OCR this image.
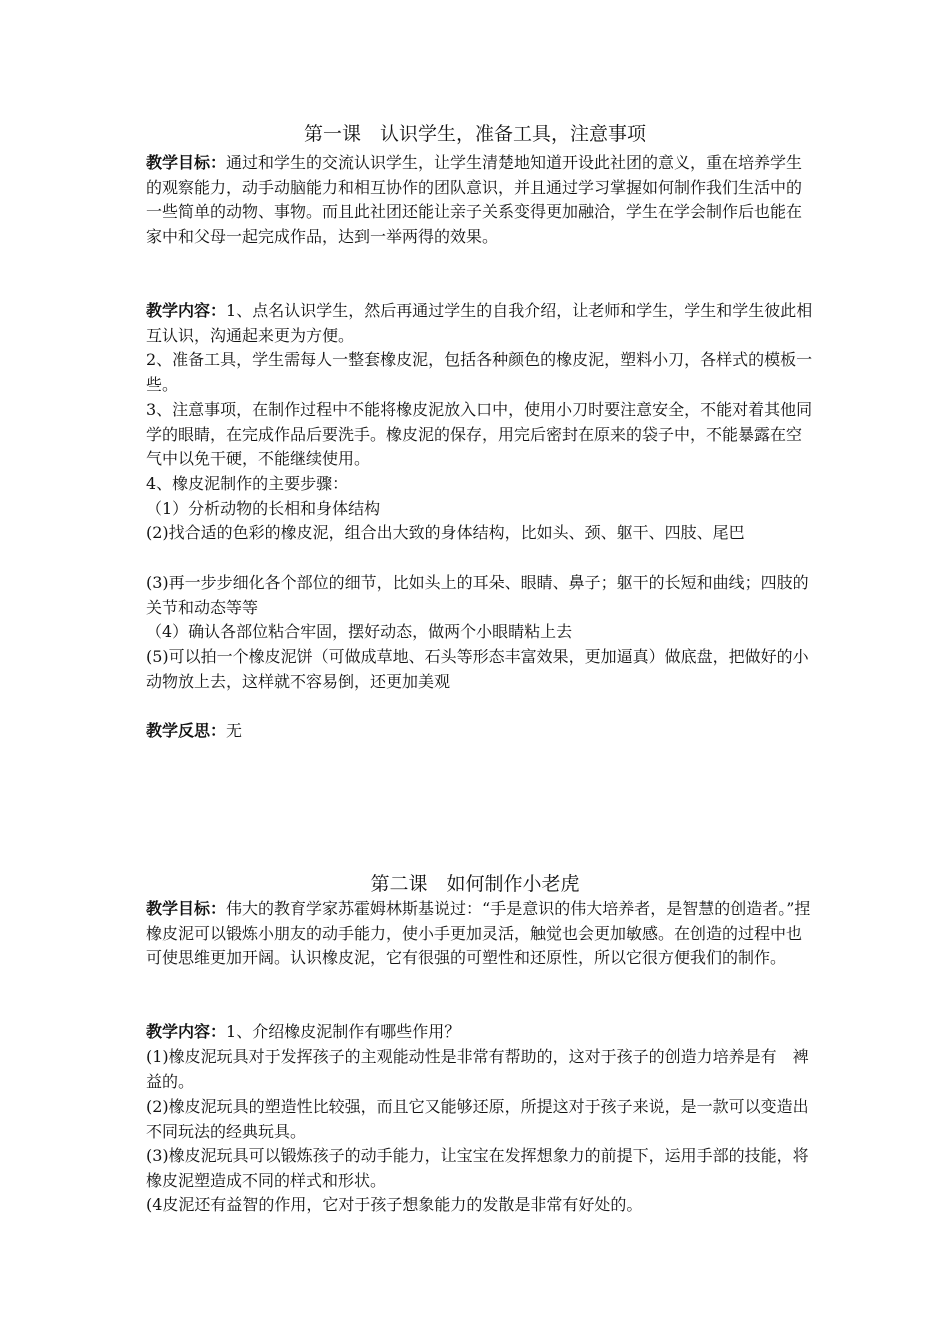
第一课　认识学生，准备工具，注意事项

教学目标：通过和学生的交流认识学生，让学生清楚地知道开设此社团的意义，重在培养学生的观察能力，动手动脑能力和相互协作的团队意识，并且通过学习掌握如何制作我们生活中的一些简单的动物、事物。而且此社团还能让亲子关系变得更加融洽，学生在学会制作后也能在家中和父母一起完成作品，达到一举两得的效果。

教学内容：1、点名认识学生，然后再通过学生的自我介绍，让老师和学生，学生和学生彼此相互认识，沟通起来更为方便。

2、准备工具，学生需每人一整套橡皮泥，包括各种颜色的橡皮泥，塑料小刀，各样式的模板一些。

3、注意事项，在制作过程中不能将橡皮泥放入口中，使用小刀时要注意安全，不能对着其他同学的眼睛，在完成作品后要洗手。橡皮泥的保存，用完后密封在原来的袋子中，不能暴露在空气中以免干硬，不能继续使用。

4、橡皮泥制作的主要步骤：

（1）分析动物的长相和身体结构

(2)找合适的色彩的橡皮泥，组合出大致的身体结构，比如头、颈、躯干、四肢、尾巴

(3)再一步步细化各个部位的细节，比如头上的耳朵、眼睛、鼻子；躯干的长短和曲线；四肢的关节和动态等等

（4）确认各部位粘合牢固，摆好动态，做两个小眼睛粘上去

(5)可以拍一个橡皮泥饼（可做成草地、石头等形态丰富效果，更加逼真）做底盘，把做好的小动物放上去，这样就不容易倒，还更加美观

教学反思：无

第二课　如何制作小老虎

教学目标：伟大的教育学家苏霍姆林斯基说过：“手是意识的伟大培养者，是智慧的创造者。”捏橡皮泥可以锻炼小朋友的动手能力，使小手更加灵活，触觉也会更加敏感。在创造的过程中也可使思维更加开阔。认识橡皮泥，它有很强的可塑性和还原性，所以它很方便我们的制作。

教学内容：1、介绍橡皮泥制作有哪些作用？

(1)橡皮泥玩具对于发挥孩子的主观能动性是非常有帮助的，这对于孩子的创造力培养是有　裨益的。

(2)橡皮泥玩具的塑造性比较强，而且它又能够还原，所提这对于孩子来说，是一款可以变造出不同玩法的经典玩具。

(3)橡皮泥玩具可以锻炼孩子的动手能力，让宝宝在发挥想象力的前提下，运用手部的技能，将橡皮泥塑造成不同的样式和形状。

(4皮泥还有益智的作用，它对于孩子想象能力的发散是非常有好处的。
